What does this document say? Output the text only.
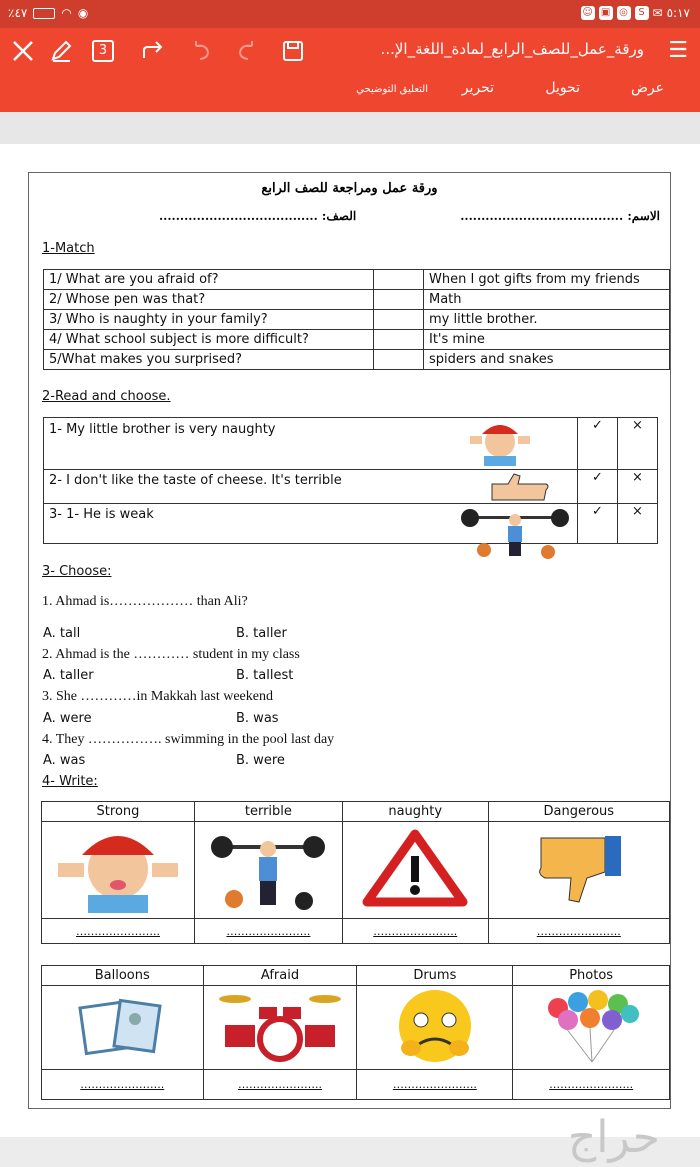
٪٤٧	◠ ◉	☺ ▣ ◎	S ✉ ٥:١٧
3	ورقة_عمل_للصف_الرابع_لمادة_اللغة_الإ... ☰
عرض
تحويل
تحرير
التعليق التوضيحي
ورقة عمل ومراجعة للصف الرابع
الاسم: .......................................
الصف: ......................................
1-Match
1/ What are you afraid of?		When I got gifts from my friends
2/ Whose pen was that?		Math
3/ Who is naughty in your family?		my little brother.
4/ What school subject is more difficult?		It's mine
5/What makes you surprised?		spiders and snakes
2-Read and choose.
1- My little brother is very naughty	✓	×
2- I don't like the taste of cheese. It's terrible	✓	×
3- 1- He is weak	✓	×
3- Choose:
1. Ahmad is……………… than Ali?
A. tall	B. taller
2. Ahmad is the ………… student in my class
A. taller	B. tallest
3. She …………in Makkah last weekend
A. were	B. was
4. They ……………. swimming in the pool last day
A. was	B. were
4- Write:
Strong	terrible	naughty	Dangerous

…………………..	…………………..	…………………..	…………………..
Balloons	Afraid	Drums	Photos

…………………..	…………………..	…………………..	…………………..
حراج
